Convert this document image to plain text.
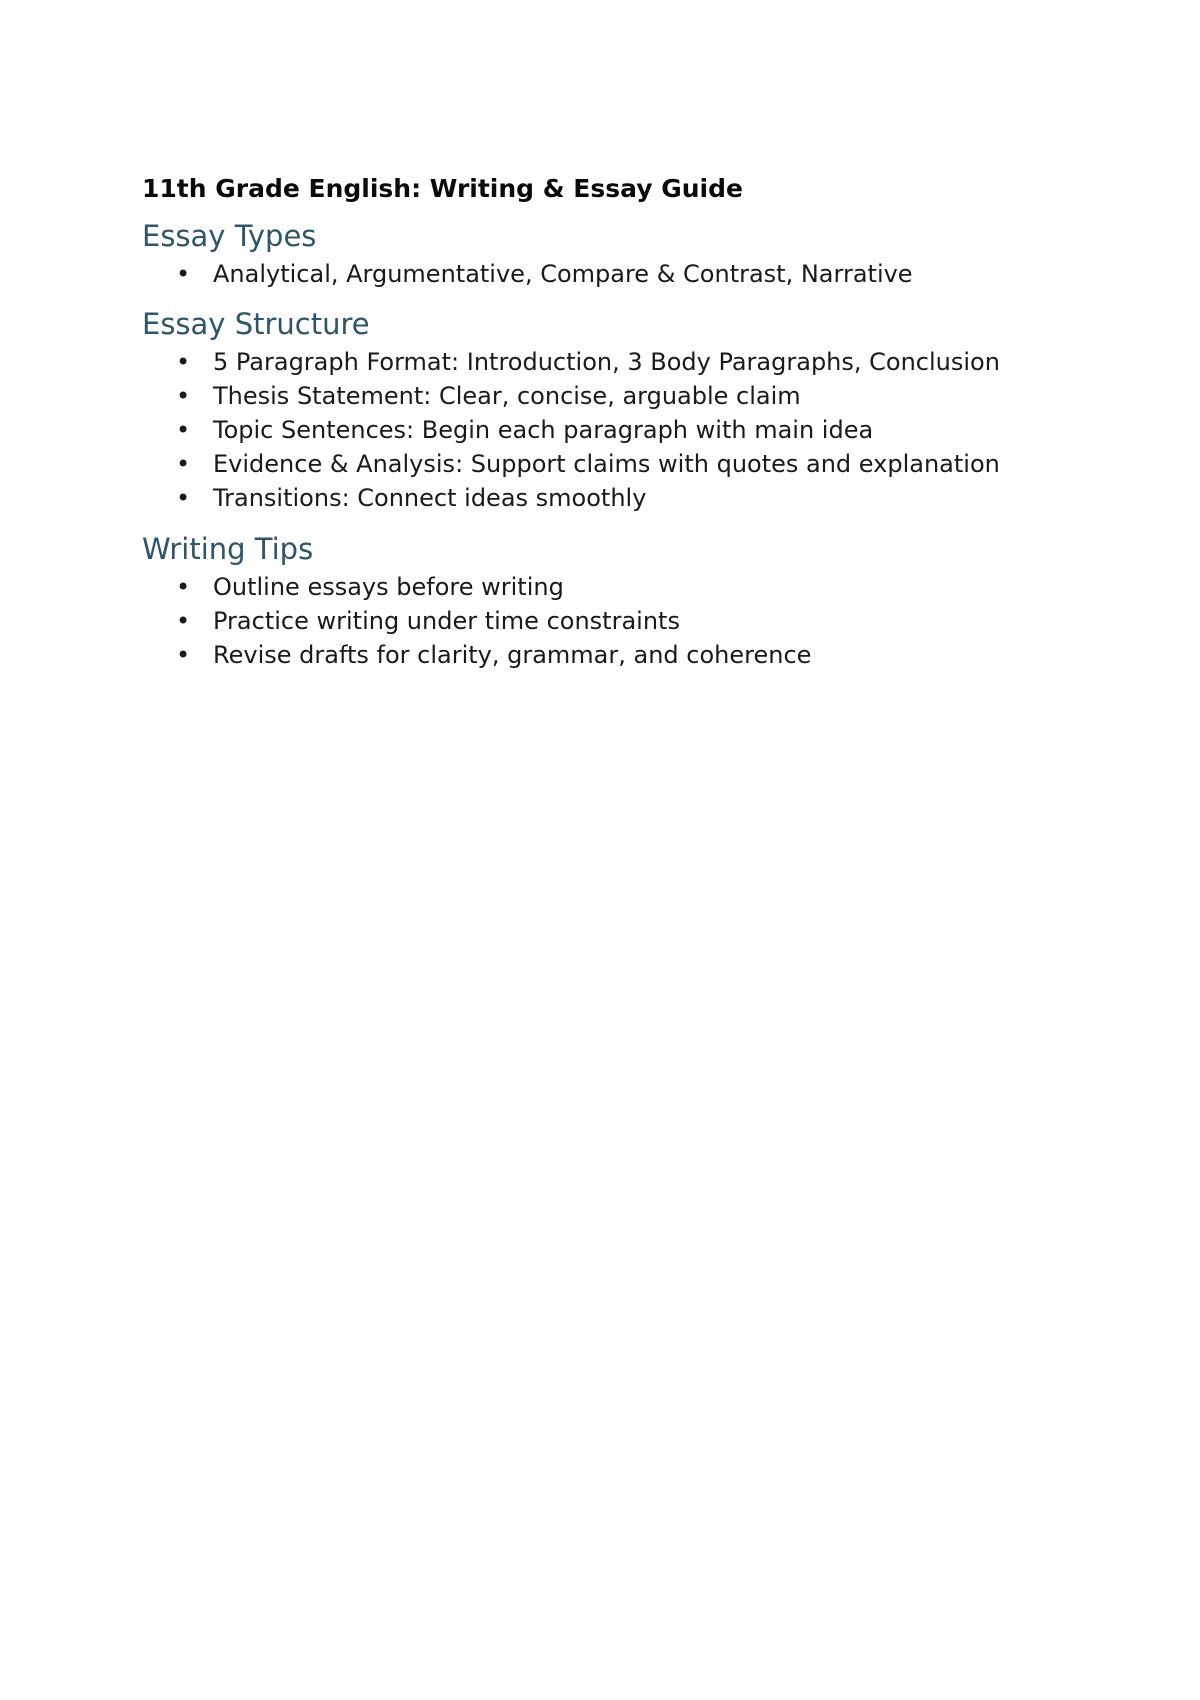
11th Grade English: Writing & Essay Guide
Essay Types
• Analytical, Argumentative, Compare & Contrast, Narrative
Essay Structure
• 5 Paragraph Format: Introduction, 3 Body Paragraphs, Conclusion
• Thesis Statement: Clear, concise, arguable claim
• Topic Sentences: Begin each paragraph with main idea
• Evidence & Analysis: Support claims with quotes and explanation
• Transitions: Connect ideas smoothly
Writing Tips
• Outline essays before writing
• Practice writing under time constraints
• Revise drafts for clarity, grammar, and coherence
